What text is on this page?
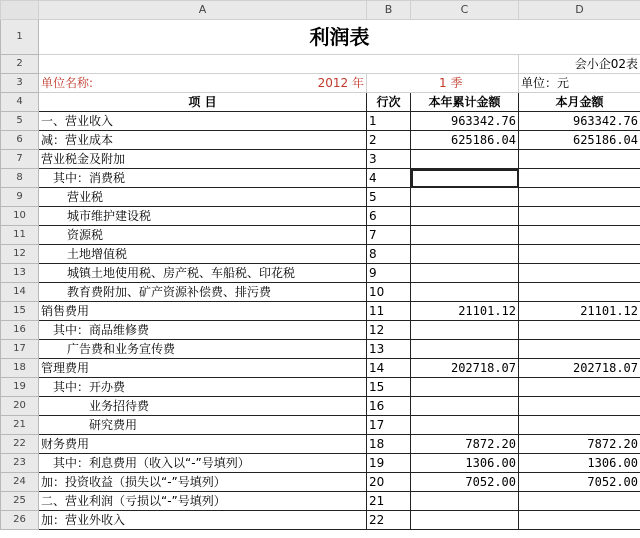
	A	B	C	D
1	利润表			
2				会小企02表
3	单位名称: 2012 年	1 季		单位：元
4	项 目	行次	本年累计金额	本月金额
5	一、营业收入	1	963342.76	963342.76
6	减：营业成本	2	625186.04	625186.04
7	营业税金及附加	3		
8	其中：消费税	4		
9	营业税	5		
10	城市维护建设税	6		
11	资源税	7		
12	土地增值税	8		
13	城镇土地使用税、房产税、车船税、印花税	9		
14	教育费附加、矿产资源补偿费、排污费	10		
15	销售费用	11	21101.12	21101.12
16	其中：商品维修费	12		
17	广告费和业务宣传费	13		
18	管理费用	14	202718.07	202718.07
19	其中：开办费	15		
20	业务招待费	16		
21	研究费用	17		
22	财务费用	18	7872.20	7872.20
23	其中：利息费用（收入以“-”号填列）	19	1306.00	1306.00
24	加：投资收益（损失以“-”号填列）	20	7052.00	7052.00
25	二、营业利润（亏损以“-”号填列）	21		
26	加：营业外收入	22		
